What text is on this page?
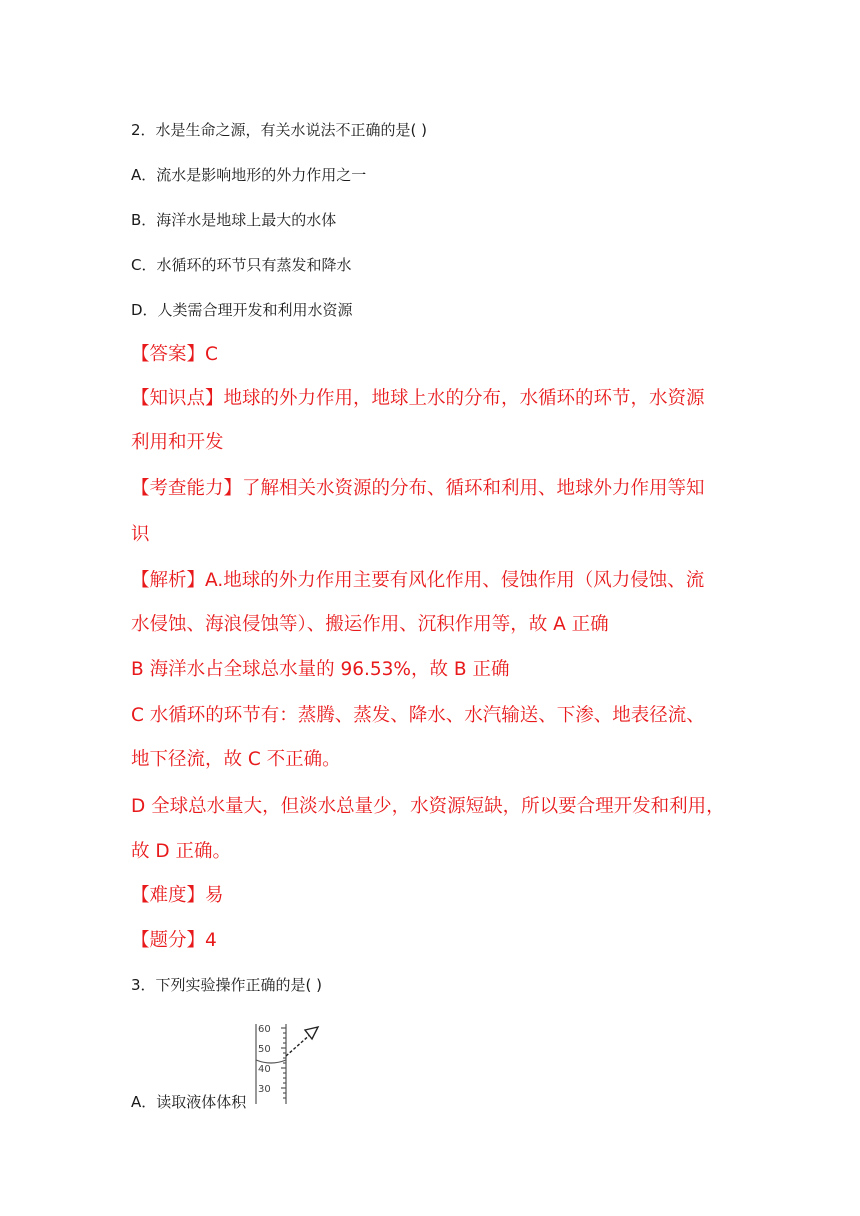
2．水是生命之源，有关水说法不正确的是( )
A．流水是影响地形的外力作用之一
B．海洋水是地球上最大的水体
C．水循环的环节只有蒸发和降水
D．人类需合理开发和利用水资源
【答案】C
【知识点】地球的外力作用，地球上水的分布，水循环的环节，水资源
利用和开发
【考查能力】了解相关水资源的分布、循环和利用、地球外力作用等知
识
【解析】A.地球的外力作用主要有风化作用、侵蚀作用（风力侵蚀、流
水侵蚀、海浪侵蚀等）、搬运作用、沉积作用等，故 A 正确
B 海洋水占全球总水量的 96.53%，故 B 正确
C 水循环的环节有：蒸腾、蒸发、降水、水汽输送、下渗、地表径流、
地下径流，故 C 不正确。
D 全球总水量大，但淡水总量少，水资源短缺，所以要合理开发和利用，
故 D 正确。
【难度】易
【题分】4
3．下列实验操作正确的是( )
A．读取液体体积
60
50
40
30
